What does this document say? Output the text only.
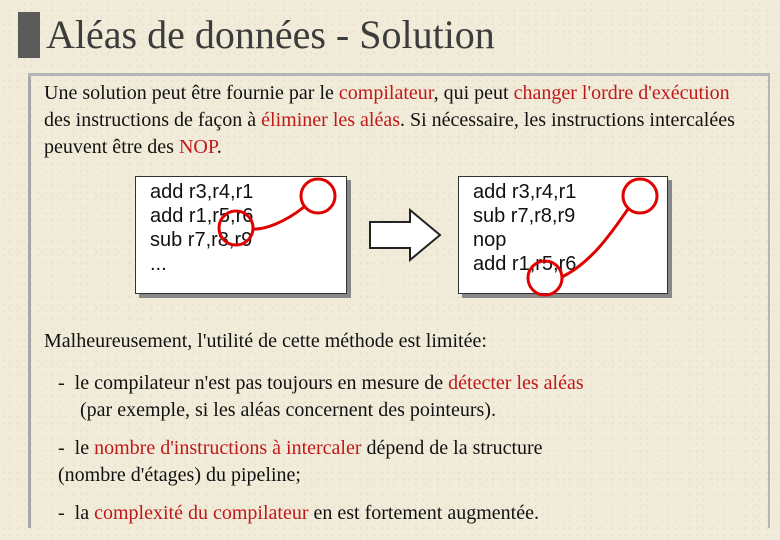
Aléas de données - Solution
Une solution peut être fournie par le compilateur, qui peut changer l'ordre d'exécution des instructions de façon à éliminer les aléas. Si nécessaire, les instructions intercalées peuvent être des NOP.
add r3,r4,r1
add r1,r5,r6
sub r7,r8,r9
...
add r3,r4,r1
sub r7,r8,r9
nop
add r1,r5,r6
Malheureusement, l'utilité de cette méthode est limitée:
- le compilateur n'est pas toujours en mesure de détecter les aléas
(par exemple, si les aléas concernent des pointeurs).
- le nombre d'instructions à intercaler dépend de la structure
(nombre d'étages) du pipeline;
- la complexité du compilateur en est fortement augmentée.
